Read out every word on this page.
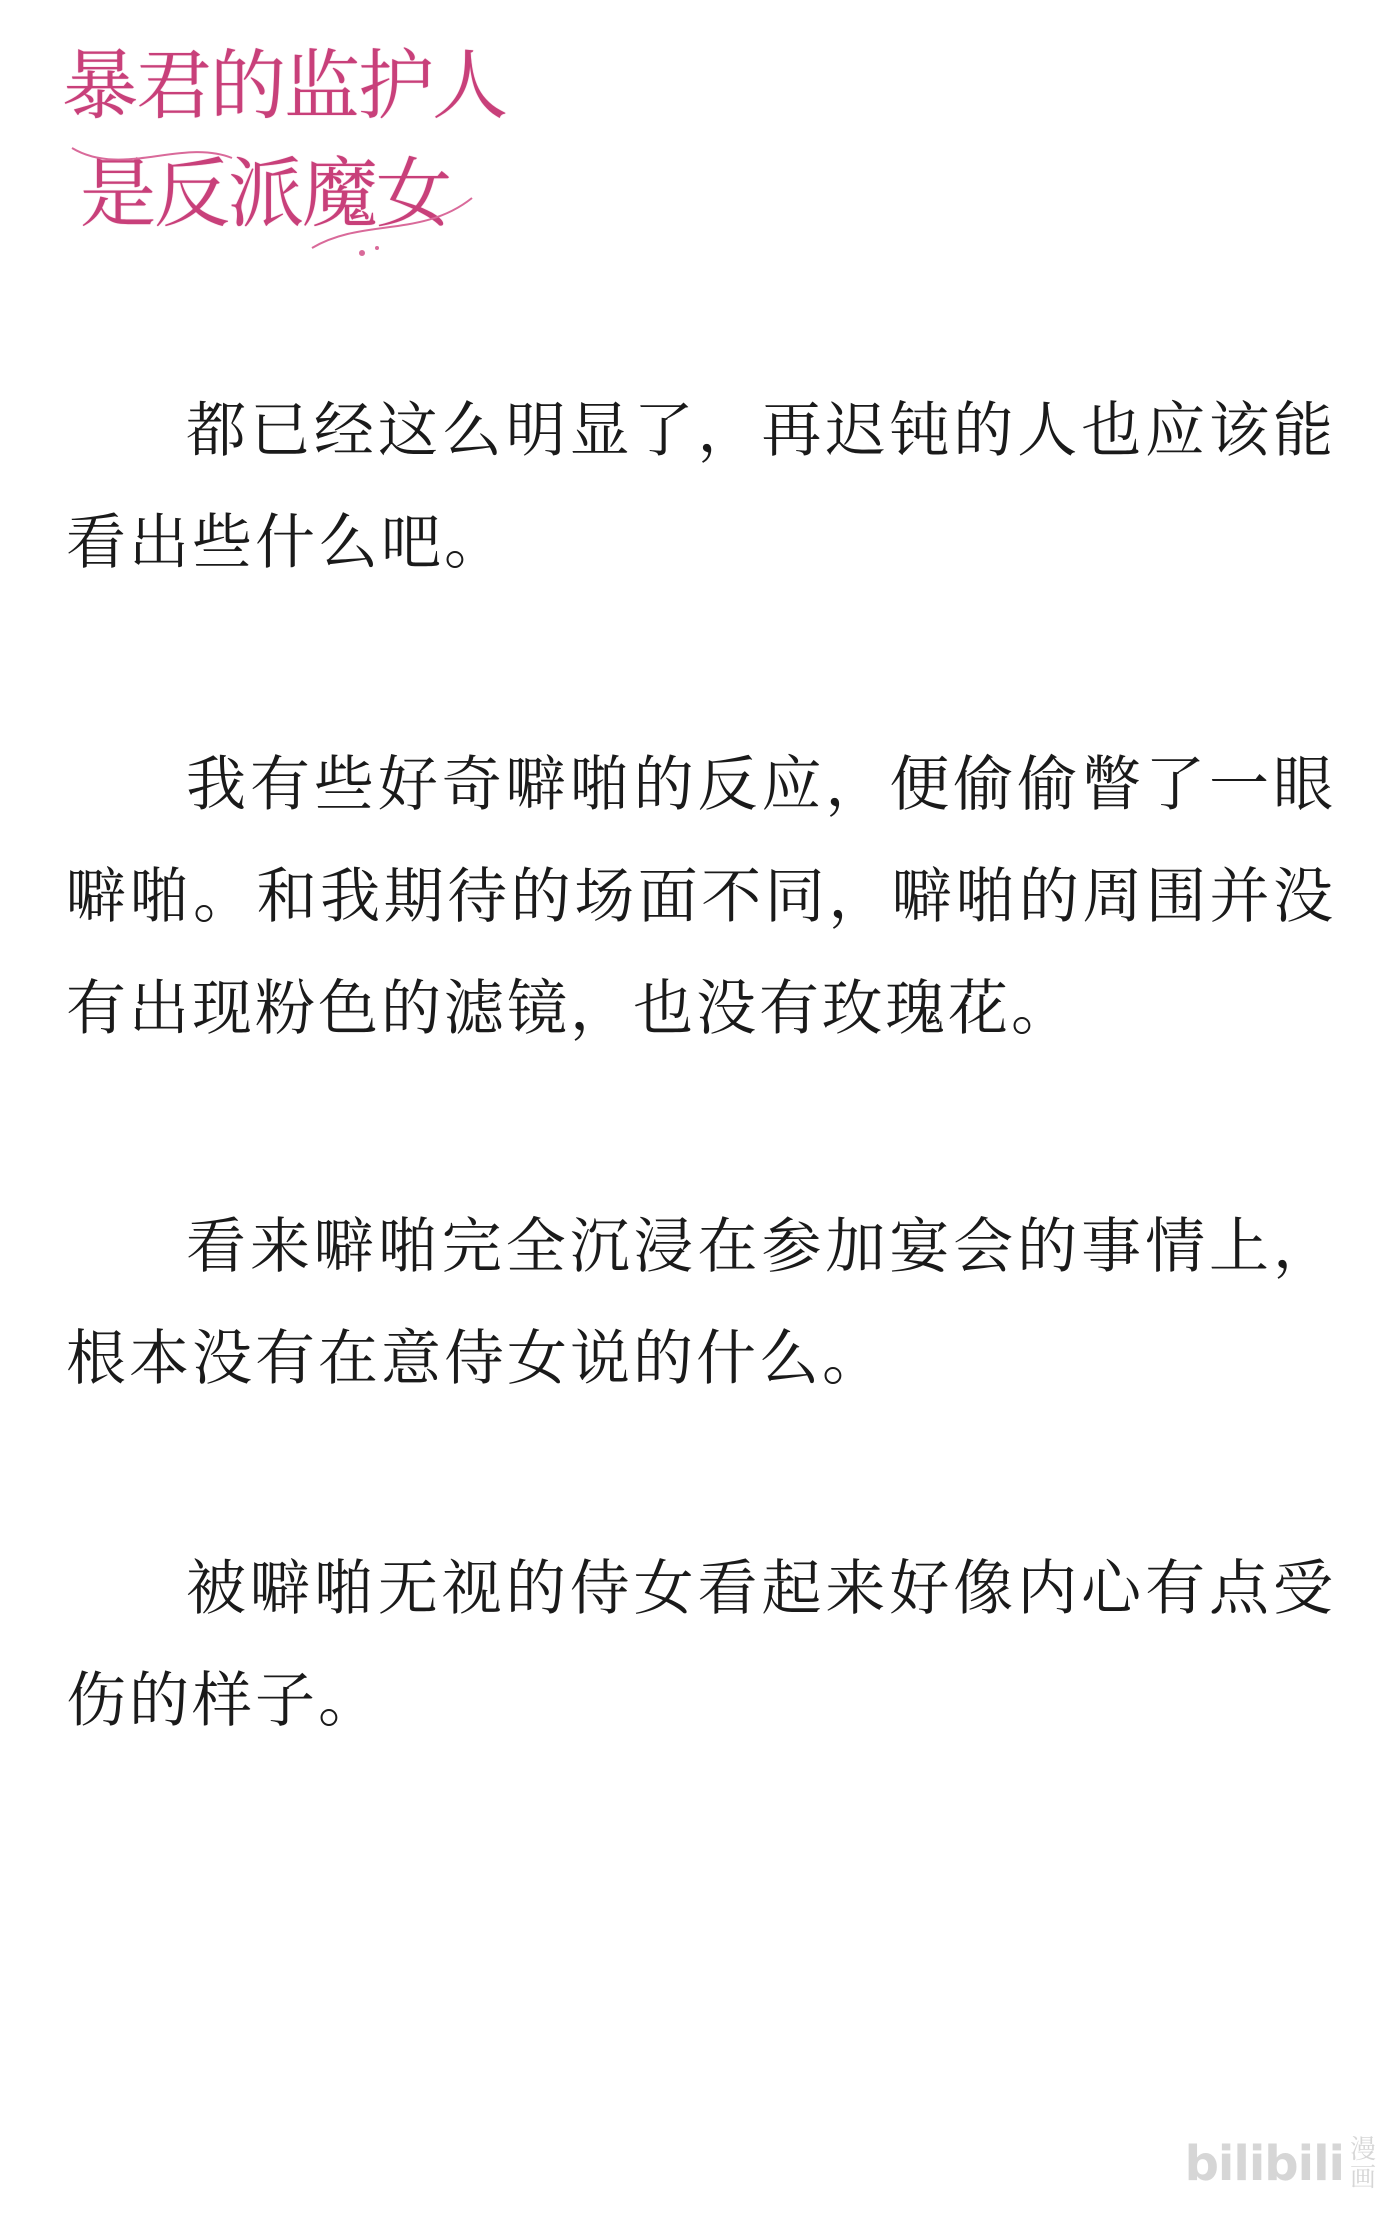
暴君的监护人
是反派魔女

都已经这么明显了，再迟钝的人也应该能看出些什么吧。

我有些好奇噼啪的反应，便偷偷瞥了一眼噼啪。和我期待的场面不同，噼啪的周围并没有出现粉色的滤镜，也没有玫瑰花。

看来噼啪完全沉浸在参加宴会的事情上，根本没有在意侍女说的什么。

被噼啪无视的侍女看起来好像内心有点受伤的样子。

bilibili 漫画
